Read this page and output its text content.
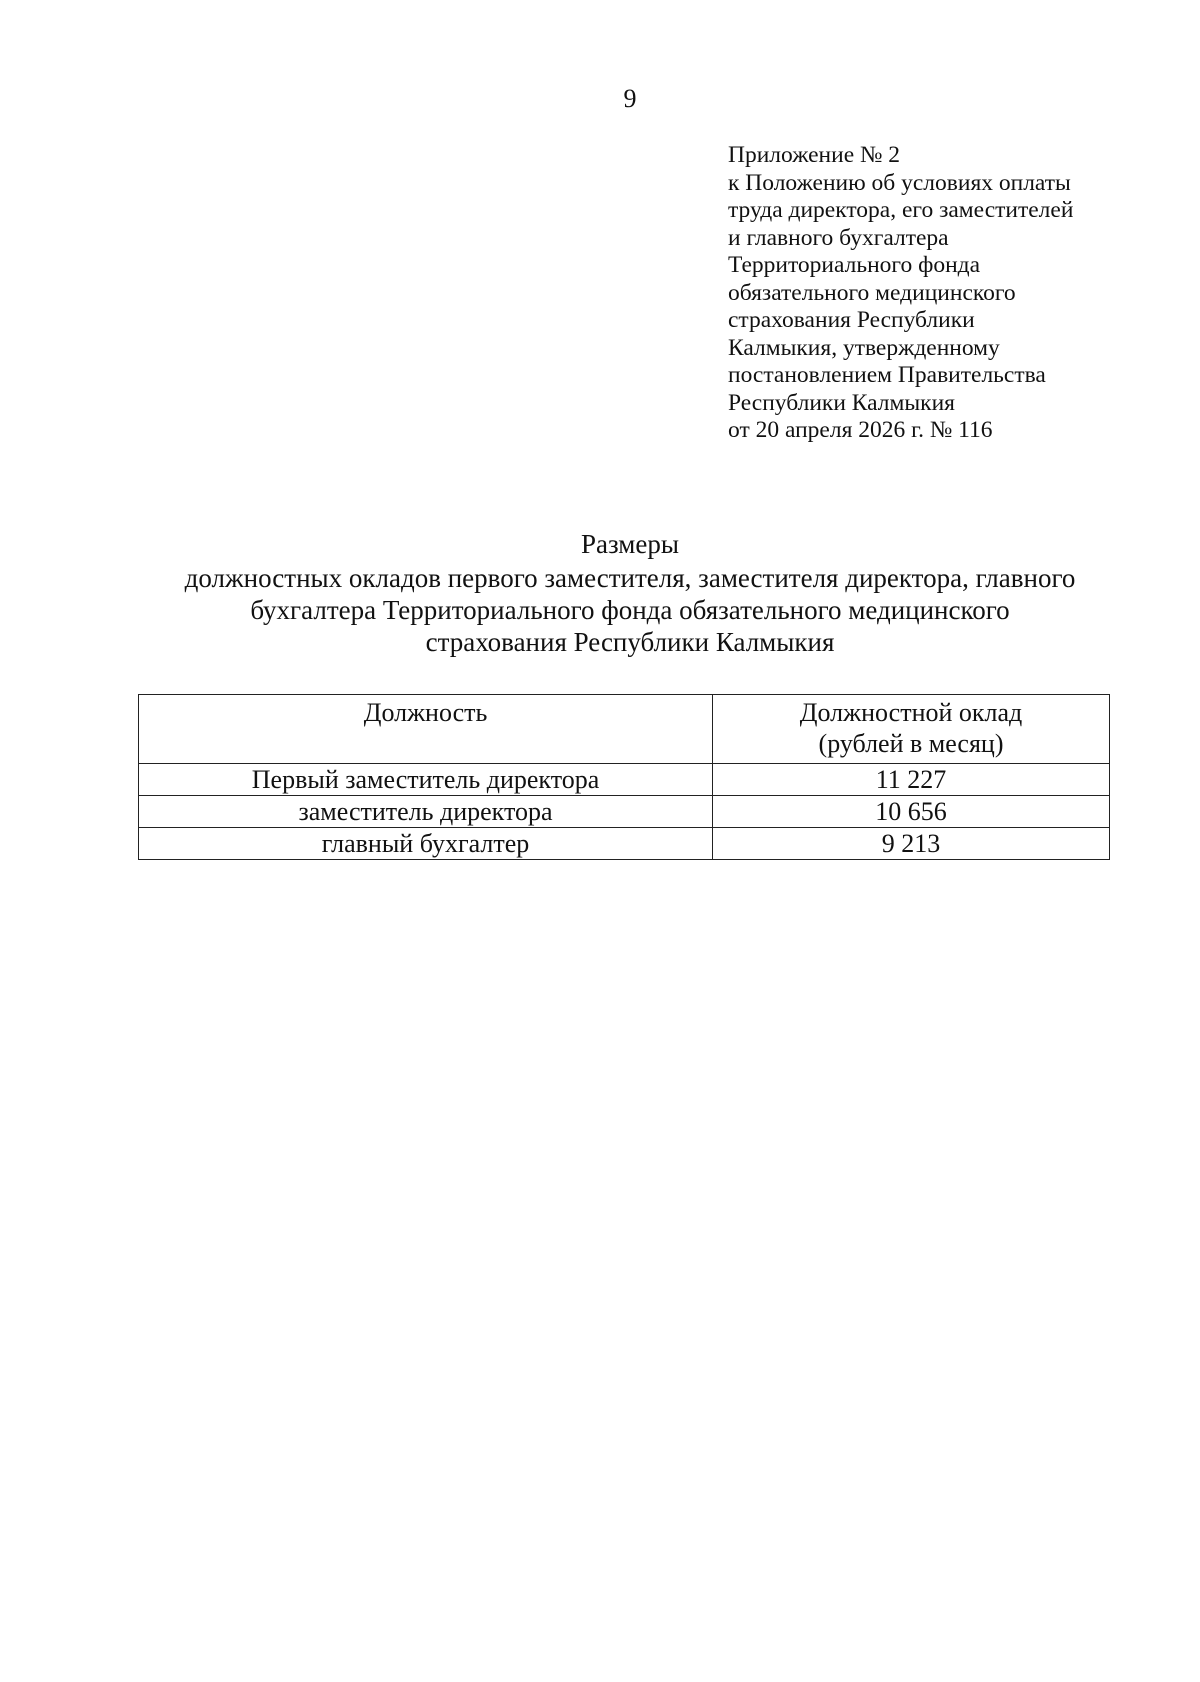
9
Приложение № 2
к Положению об условиях оплаты
труда директора, его заместителей
и главного бухгалтера
Территориального фонда
обязательного медицинского
страхования Республики
Калмыкия, утвержденному
постановлением Правительства
Республики Калмыкия
от 20 апреля 2026 г. № 116
Размеры
должностных окладов первого заместителя, заместителя директора, главного
бухгалтера Территориального фонда обязательного медицинского
страхования Республики Калмыкия
Должность	Должностной оклад
(рублей в месяц)

Первый заместитель директора	11 227
заместитель директора	10 656
главный бухгалтер	9 213
